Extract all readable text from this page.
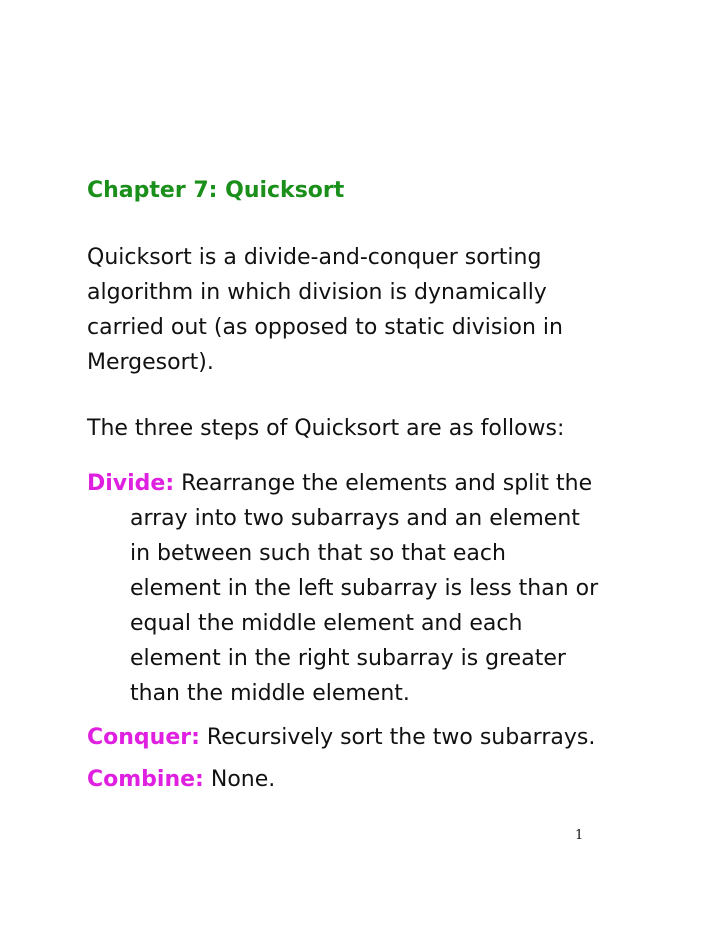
Chapter 7: Quicksort

Quicksort is a divide-and-conquer sorting
algorithm in which division is dynamically
carried out (as opposed to static division in
Mergesort).

The three steps of Quicksort are as follows:

Divide: Rearrange the elements and split the
array into two subarrays and an element
in between such that so that each
element in the left subarray is less than or
equal the middle element and each
element in the right subarray is greater
than the middle element.
Conquer: Recursively sort the two subarrays.
Combine: None.
1
